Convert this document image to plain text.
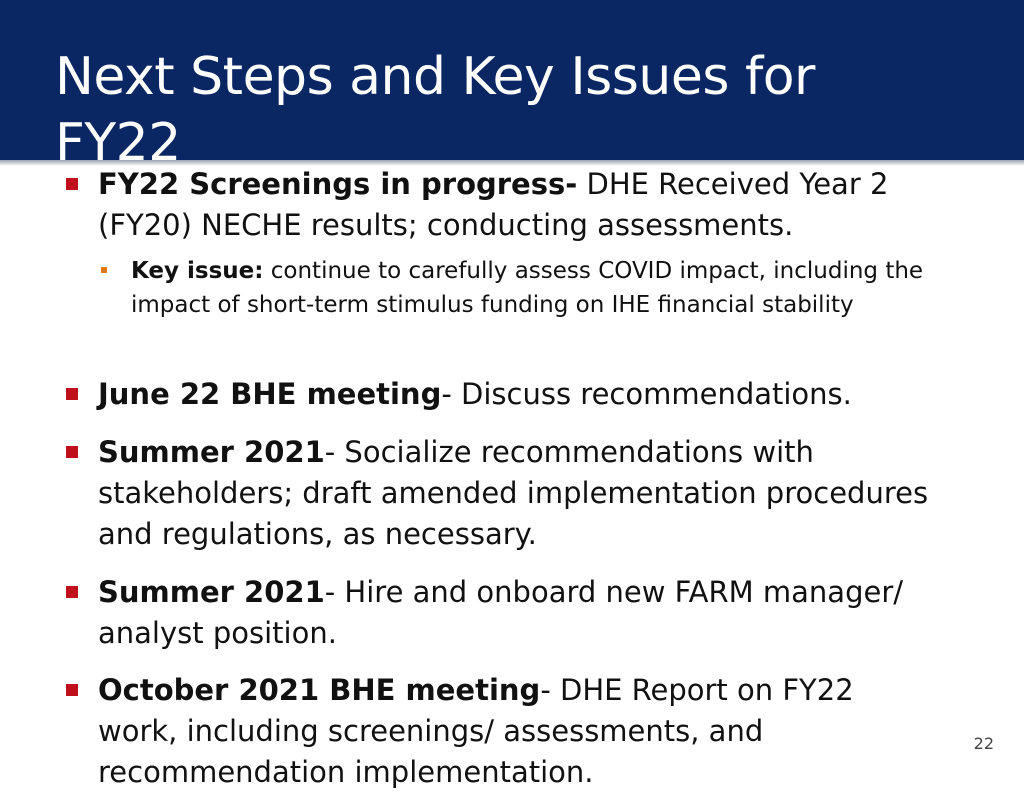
Next Steps and Key Issues for FY22
FY22 Screenings in progress- DHE Received Year 2 (FY20) NECHE results; conducting assessments.
Key issue: continue to carefully assess COVID impact, including the impact of short-term stimulus funding on IHE financial stability
June 22 BHE meeting- Discuss recommendations.
Summer 2021- Socialize recommendations with stakeholders; draft amended implementation procedures and regulations, as necessary.
Summer 2021- Hire and onboard new FARM manager/ analyst position.
October 2021 BHE meeting- DHE Report on FY22 work, including screenings/ assessments, and recommendation implementation.
22
